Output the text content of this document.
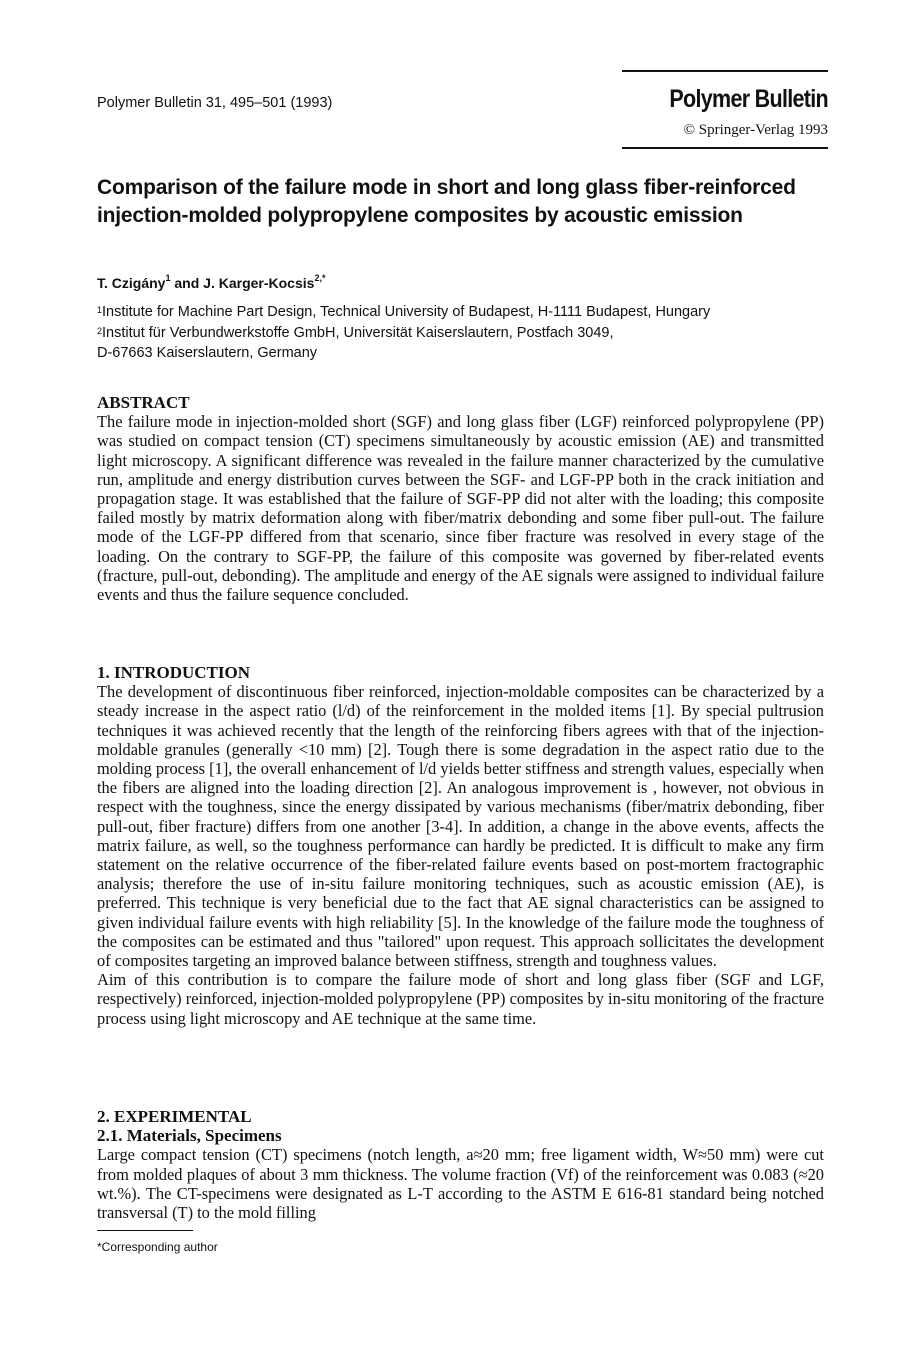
Polymer Bulletin 31, 495–501 (1993)	Polymer Bulletin
© Springer-Verlag 1993
Comparison of the failure mode in short and long glass fiber-reinforced injection-molded polypropylene composites by acoustic emission
T. Czigány$^1$ and J. Karger-Kocsis$^{2,*}$
$^1$Institute for Machine Part Design, Technical University of Budapest, H-1111 Budapest, Hungary
$^2$Institut für Verbundwerkstoffe GmbH, Universität Kaiserslautern, Postfach 3049,
D-67663 Kaiserslautern, Germany
ABSTRACT

The failure mode in injection-molded short (SGF) and long glass fiber (LGF) reinforced polypropylene (PP) was studied on compact tension (CT) specimens simultaneously by acoustic emission (AE) and transmitted light microscopy. A significant difference was revealed in the failure manner characterized by the cumulative run, amplitude and energy distribution curves between the SGF- and LGF-PP both in the crack initiation and propagation stage. It was established that the failure of SGF-PP did not alter with the loading; this composite failed mostly by matrix deformation along with fiber/matrix debonding and some fiber pull-out. The failure mode of the LGF-PP differed from that scenario, since fiber fracture was resolved in every stage of the loading. On the contrary to SGF-PP, the failure of this composite was governed by fiber-related events (fracture, pull-out, debonding). The amplitude and energy of the AE signals were assigned to individual failure events and thus the failure sequence concluded.

1. INTRODUCTION

The development of discontinuous fiber reinforced, injection-moldable composites can be characterized by a steady increase in the aspect ratio (l/d) of the reinforcement in the molded items [1]. By special pultrusion techniques it was achieved recently that the length of the reinforcing fibers agrees with that of the injection-moldable granules (generally <10 mm) [2]. Tough there is some degradation in the aspect ratio due to the molding process [1], the overall enhancement of l/d yields better stiffness and strength values, especially when the fibers are aligned into the loading direction [2]. An analogous improvement is , however, not obvious in respect with the toughness, since the energy dissipated by various mechanisms (fiber/matrix debonding, fiber pull-out, fiber fracture) differs from one another [3-4]. In addition, a change in the above events, affects the matrix failure, as well, so the toughness performance can hardly be predicted. It is difficult to make any firm statement on the relative occurrence of the fiber-related failure events based on post-mortem fractographic analysis; therefore the use of in-situ failure monitoring techniques, such as acoustic emission (AE), is preferred. This technique is very beneficial due to the fact that AE signal characteristics can be assigned to given individual failure events with high reliability [5]. In the knowledge of the failure mode the toughness of the composites can be estimated and thus "tailored" upon request. This approach sollicitates the development of composites targeting an improved balance between stiffness, strength and toughness values.

Aim of this contribution is to compare the failure mode of short and long glass fiber (SGF and LGF, respectively) reinforced, injection-molded polypropylene (PP) composites by in-situ monitoring of the fracture process using light microscopy and AE technique at the same time.

2. EXPERIMENTAL
2.1. Materials, Specimens

Large compact tension (CT) specimens (notch length, a≈20 mm; free ligament width, W≈50 mm) were cut from molded plaques of about 3 mm thickness. The volume fraction (Vf) of the reinforcement was 0.083 (≈20 wt.%). The CT-specimens were designated as L-T according to the ASTM E 616-81 standard being notched transversal (T) to the mold filling

*Corresponding author
